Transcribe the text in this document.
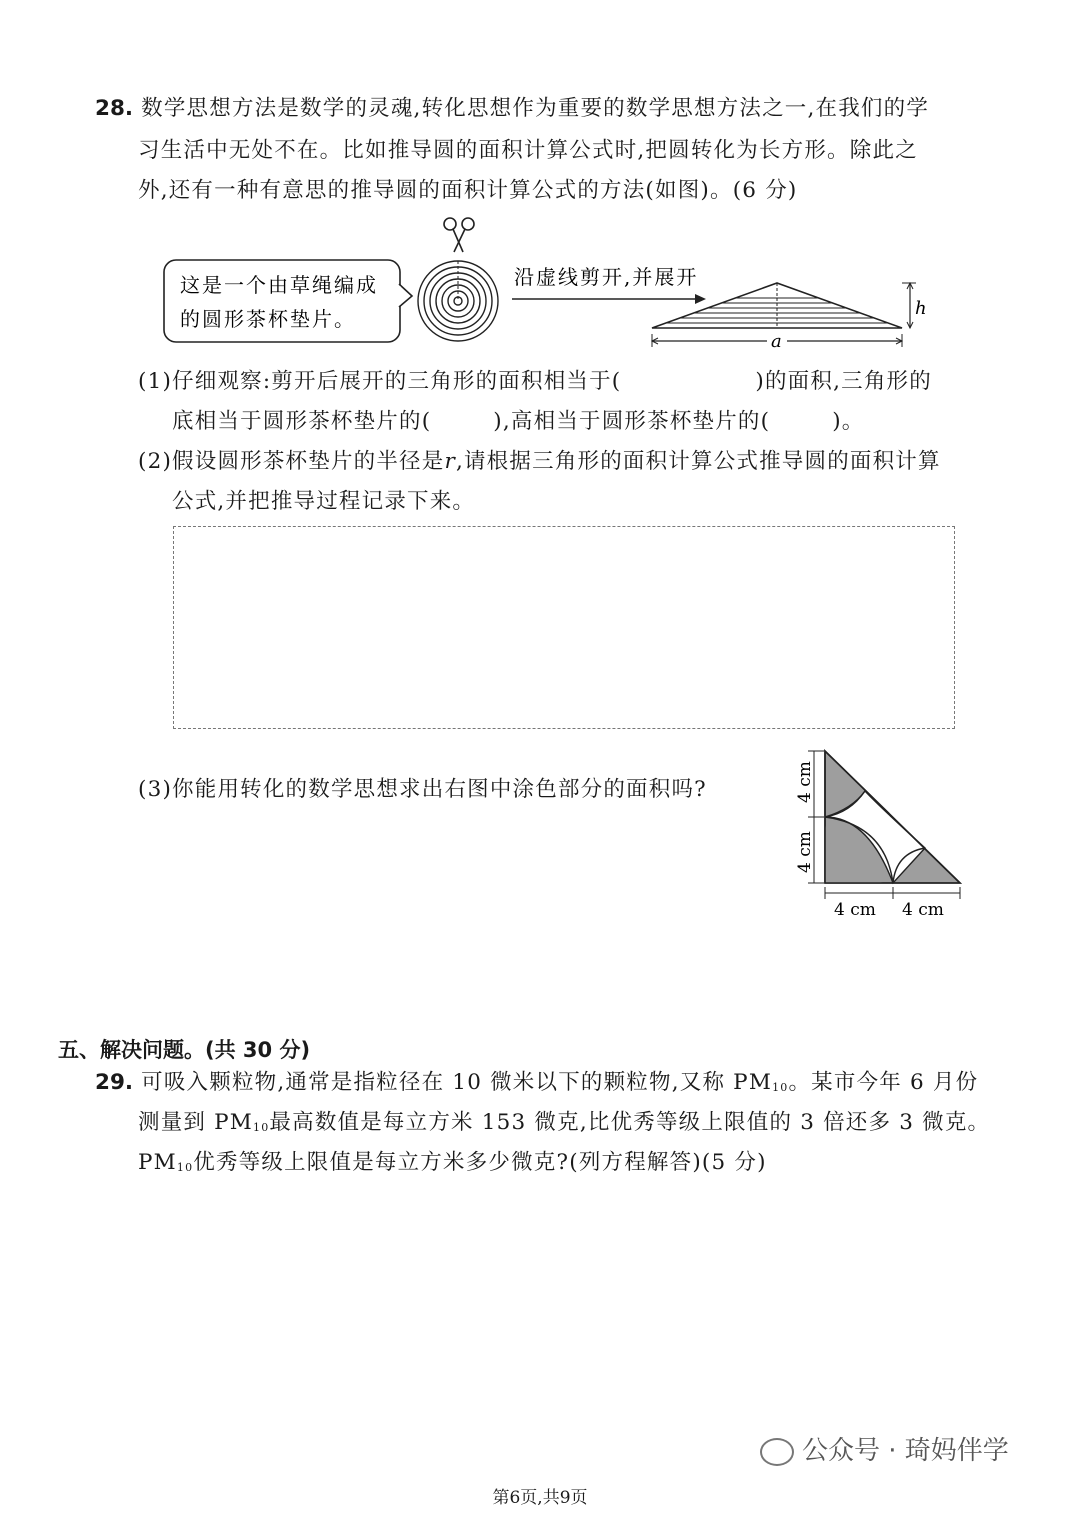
28. 数学思想方法是数学的灵魂,转化思想作为重要的数学思想方法之一,在我们的学
习生活中无处不在。比如推导圆的面积计算公式时,把圆转化为长方形。除此之
外,还有一种有意思的推导圆的面积计算公式的方法(如图)。(6 分)
这是一个由草绳编成
的圆形茶杯垫片。
沿虚线剪开,并展开
h
a
(1)仔细观察:剪开后展开的三角形的面积相当于(	)的面积,三角形的
底相当于圆形茶杯垫片的(	),高相当于圆形茶杯垫片的(	)。
(2)假设圆形茶杯垫片的半径是r,请根据三角形的面积计算公式推导圆的面积计算
公式,并把推导过程记录下来。
(3)你能用转化的数学思想求出右图中涂色部分的面积吗?	4 cm
4 cm
4 cm 4 cm
五、解决问题。(共 30 分)
29. 可吸入颗粒物,通常是指粒径在 10 微米以下的颗粒物,又称 $PM_{10}$。某市今年 6 月份
测量到 $PM_{10}$最高数值是每立方米 153 微克,比优秀等级上限值的 3 倍还多 3 微克。
$PM_{10}$优秀等级上限值是每立方米多少微克?(列方程解答)(5 分)
公众号 · 琦妈伴学
第6页,共9页
